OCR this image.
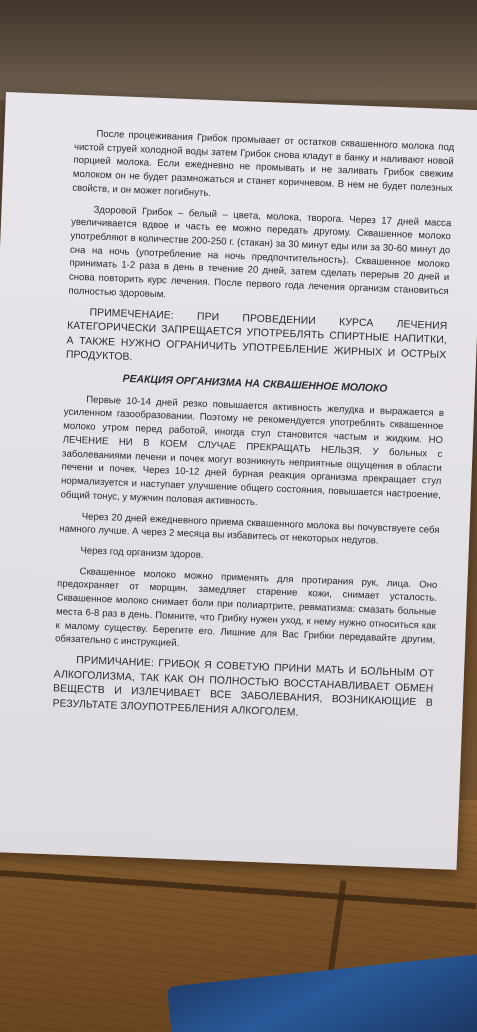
После процеживания Грибок промывает от остатков сквашенного молока под чистой струей холодной воды затем Грибок снова кладут в банку и наливают новой порцией молока. Если ежедневно не промывать и не заливать Грибок свежим молоком он не будет размножаться и станет коричневом. В нем не будет полезных свойств, и он может погибнуть.

Здоровой Грибок – белый – цвета, молока, творога. Через 17 дней масса увеличивается вдвое и часть ее можно передать другому. Сквашенное молоко употребляют в количестве 200-250 г. (стакан) за 30 минут еды или за 30-60 минут до сна на ночь (употребление на ночь предпочтительность). Сквашенное молоко принимать 1-2 раза в день в течение 20 дней, затем сделать перерыв 20 дней и снова повторить курс лечения. После первого года лечения организм становиться полностью здоровым.

ПРИМЕЧЕНАИЕ: ПРИ ПРОВЕДЕНИИ КУРСА ЛЕЧЕНИЯ КАТЕГОРИЧЕСКИ ЗАПРЕЩАЕТСЯ УПОТРЕБЛЯТЬ СПИРТНЫЕ НАПИТКИ, А ТАКЖЕ НУЖНО ОГРАНИЧИТЬ УПОТРЕБЛЕНИЕ ЖИРНЫХ И ОСТРЫХ ПРОДУКТОВ.

РЕАКЦИЯ ОРГАНИЗМА НА СКВАШЕННОЕ МОЛОКО

Первые 10-14 дней резко повышается активность желудка и выражается в усиленном газообразовании. Поэтому не рекомендуется употреблять сквашенное молоко утром перед работой, иногда стул становится частым и жидким. НО ЛЕЧЕНИЕ НИ В КОЕМ СЛУЧАЕ ПРЕКРАЩАТЬ НЕЛЬЗЯ. У больных с заболеваниями печени и почек могут возникнуть неприятные ощущения в области печени и почек. Через 10-12 дней бурная реакция организма прекращает стул нормализуется и наступает улучшение общего состояния, повышается настроение, общий тонус, у мужчин половая активность.

Через 20 дней ежедневного приема сквашенного молока вы почувствуете себя намного лучше. А через 2 месяца вы избавитесь от некоторых недугов.

Через год организм здоров.

Сквашенное молоко можно применять для протирания рук, лица. Оно предохраняет от морщин, замедляет старение кожи, снимает усталость. Сквашенное молоко снимает боли при полиартрите, ревматизма: смазать больные места 6-8 раз в день. Помните, что Грибку нужен уход, к нему нужно относиться как к малому существу. Берегите его. Лишние для Вас Грибки передавайте другим, обязательно с инструкцией.

ПРИМИЧАНИЕ: ГРИБОК Я СОВЕТУЮ ПРИНИ МАТЬ И БОЛЬНЫМ ОТ АЛКОГОЛИЗМА, ТАК КАК ОН ПОЛНОСТЬЮ ВОССТАНАВЛИВАЕТ ОБМЕН ВЕЩЕСТВ И ИЗЛЕЧИВАЕТ ВСЕ ЗАБОЛЕВАНИЯ, ВОЗНИКАЮЩИЕ В РЕЗУЛЬТАТЕ ЗЛОУПОТРЕБЛЕНИЯ АЛКОГОЛЕМ.
